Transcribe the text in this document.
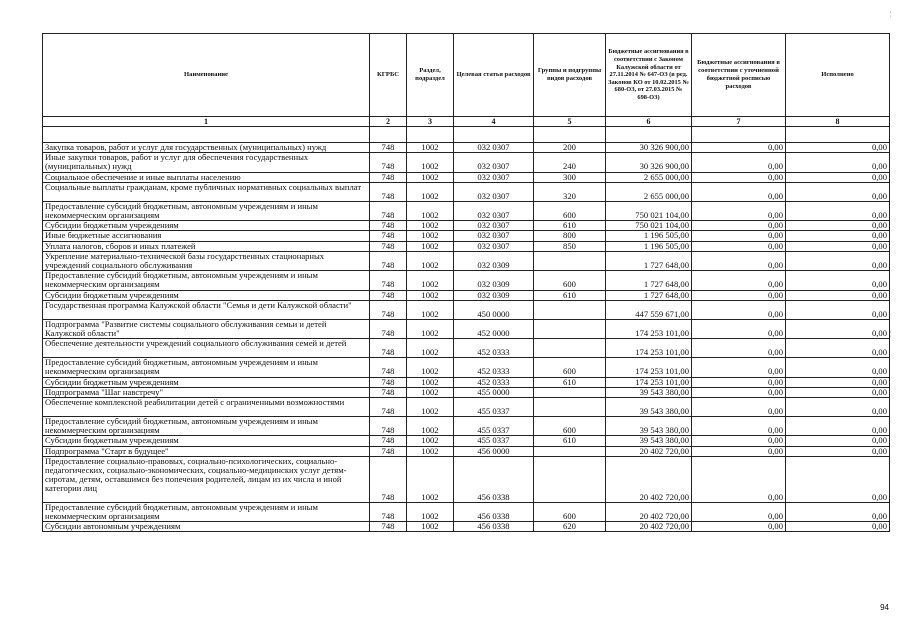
Наименование	КГРБС	Раздел, подраздел	Целевая статья расходов	Группы и подгруппы видов расходов	Бюджетные ассигнования в соответствии с Законом Калужской области от 27.11.2014 № 647-ОЗ (в ред. Законов КО от 10.02.2015 № 680-ОЗ, от 27.03.2015 № 698-ОЗ)	Бюджетные ассигнования в соответствии с уточненной бюджетной росписью расходов	Исполнено
1	2	3	4	5	6	7	8

Закупка товаров, работ и услуг для государственных (муниципальных) нужд	748	1002	032 0307	200	30 326 900,00	0,00	0,00
Иные закупки товаров, работ и услуг для обеспечения государственных (муниципальных) нужд	748	1002	032 0307	240	30 326 900,00	0,00	0,00
Социальное обеспечение и иные выплаты населению	748	1002	032 0307	300	2 655 000,00	0,00	0,00
Социальные выплаты гражданам, кроме публичных нормативных социальных выплат	748	1002	032 0307	320	2 655 000,00	0,00	0,00
Предоставление субсидий бюджетным, автономным учреждениям и иным некоммерческим организациям	748	1002	032 0307	600	750 021 104,00	0,00	0,00
Субсидии бюджетным учреждениям	748	1002	032 0307	610	750 021 104,00	0,00	0,00
Иные бюджетные ассигнования	748	1002	032 0307	800	1 196 505,00	0,00	0,00
Уплата налогов, сборов и иных платежей	748	1002	032 0307	850	1 196 505,00	0,00	0,00
Укрепление материально-технической базы государственных стационарных учреждений социального обслуживания	748	1002	032 0309		1 727 648,00	0,00	0,00
Предоставление субсидий бюджетным, автономным учреждениям и иным некоммерческим организациям	748	1002	032 0309	600	1 727 648,00	0,00	0,00
Субсидии бюджетным учреждениям	748	1002	032 0309	610	1 727 648,00	0,00	0,00
Государственная программа Калужской области "Семья и дети Калужской области"	748	1002	450 0000		447 559 671,00	0,00	0,00
Подпрограмма "Развитие системы социального обслуживания семьи и детей Калужской области"	748	1002	452 0000		174 253 101,00	0,00	0,00
Обеспечение деятельности учреждений социального обслуживания семей и детей	748	1002	452 0333		174 253 101,00	0,00	0,00
Предоставление субсидий бюджетным, автономным учреждениям и иным некоммерческим организациям	748	1002	452 0333	600	174 253 101,00	0,00	0,00
Субсидии бюджетным учреждениям	748	1002	452 0333	610	174 253 101,00	0,00	0,00
Подпрограмма "Шаг навстречу"	748	1002	455 0000		39 543 380,00	0,00	0,00
Обеспечение комплексной реабилитации детей с ограниченными возможностями	748	1002	455 0337		39 543 380,00	0,00	0,00
Предоставление субсидий бюджетным, автономным учреждениям и иным некоммерческим организациям	748	1002	455 0337	600	39 543 380,00	0,00	0,00
Субсидии бюджетным учреждениям	748	1002	455 0337	610	39 543 380,00	0,00	0,00
Подпрограмма "Старт в будущее"	748	1002	456 0000		20 402 720,00	0,00	0,00
Предоставление социально-правовых, социально-психологических, социально-педагогических, социально-экономических, социально-медицинских услуг детям-сиротам, детям, оставшимся без попечения родителей, лицам из их числа и иной категории лиц	748	1002	456 0338		20 402 720,00	0,00	0,00
Предоставление субсидий бюджетным, автономным учреждениям и иным некоммерческим организациям	748	1002	456 0338	600	20 402 720,00	0,00	0,00
Субсидии автономным учреждениям	748	1002	456 0338	620	20 402 720,00	0,00	0,00
94
¦
¦
